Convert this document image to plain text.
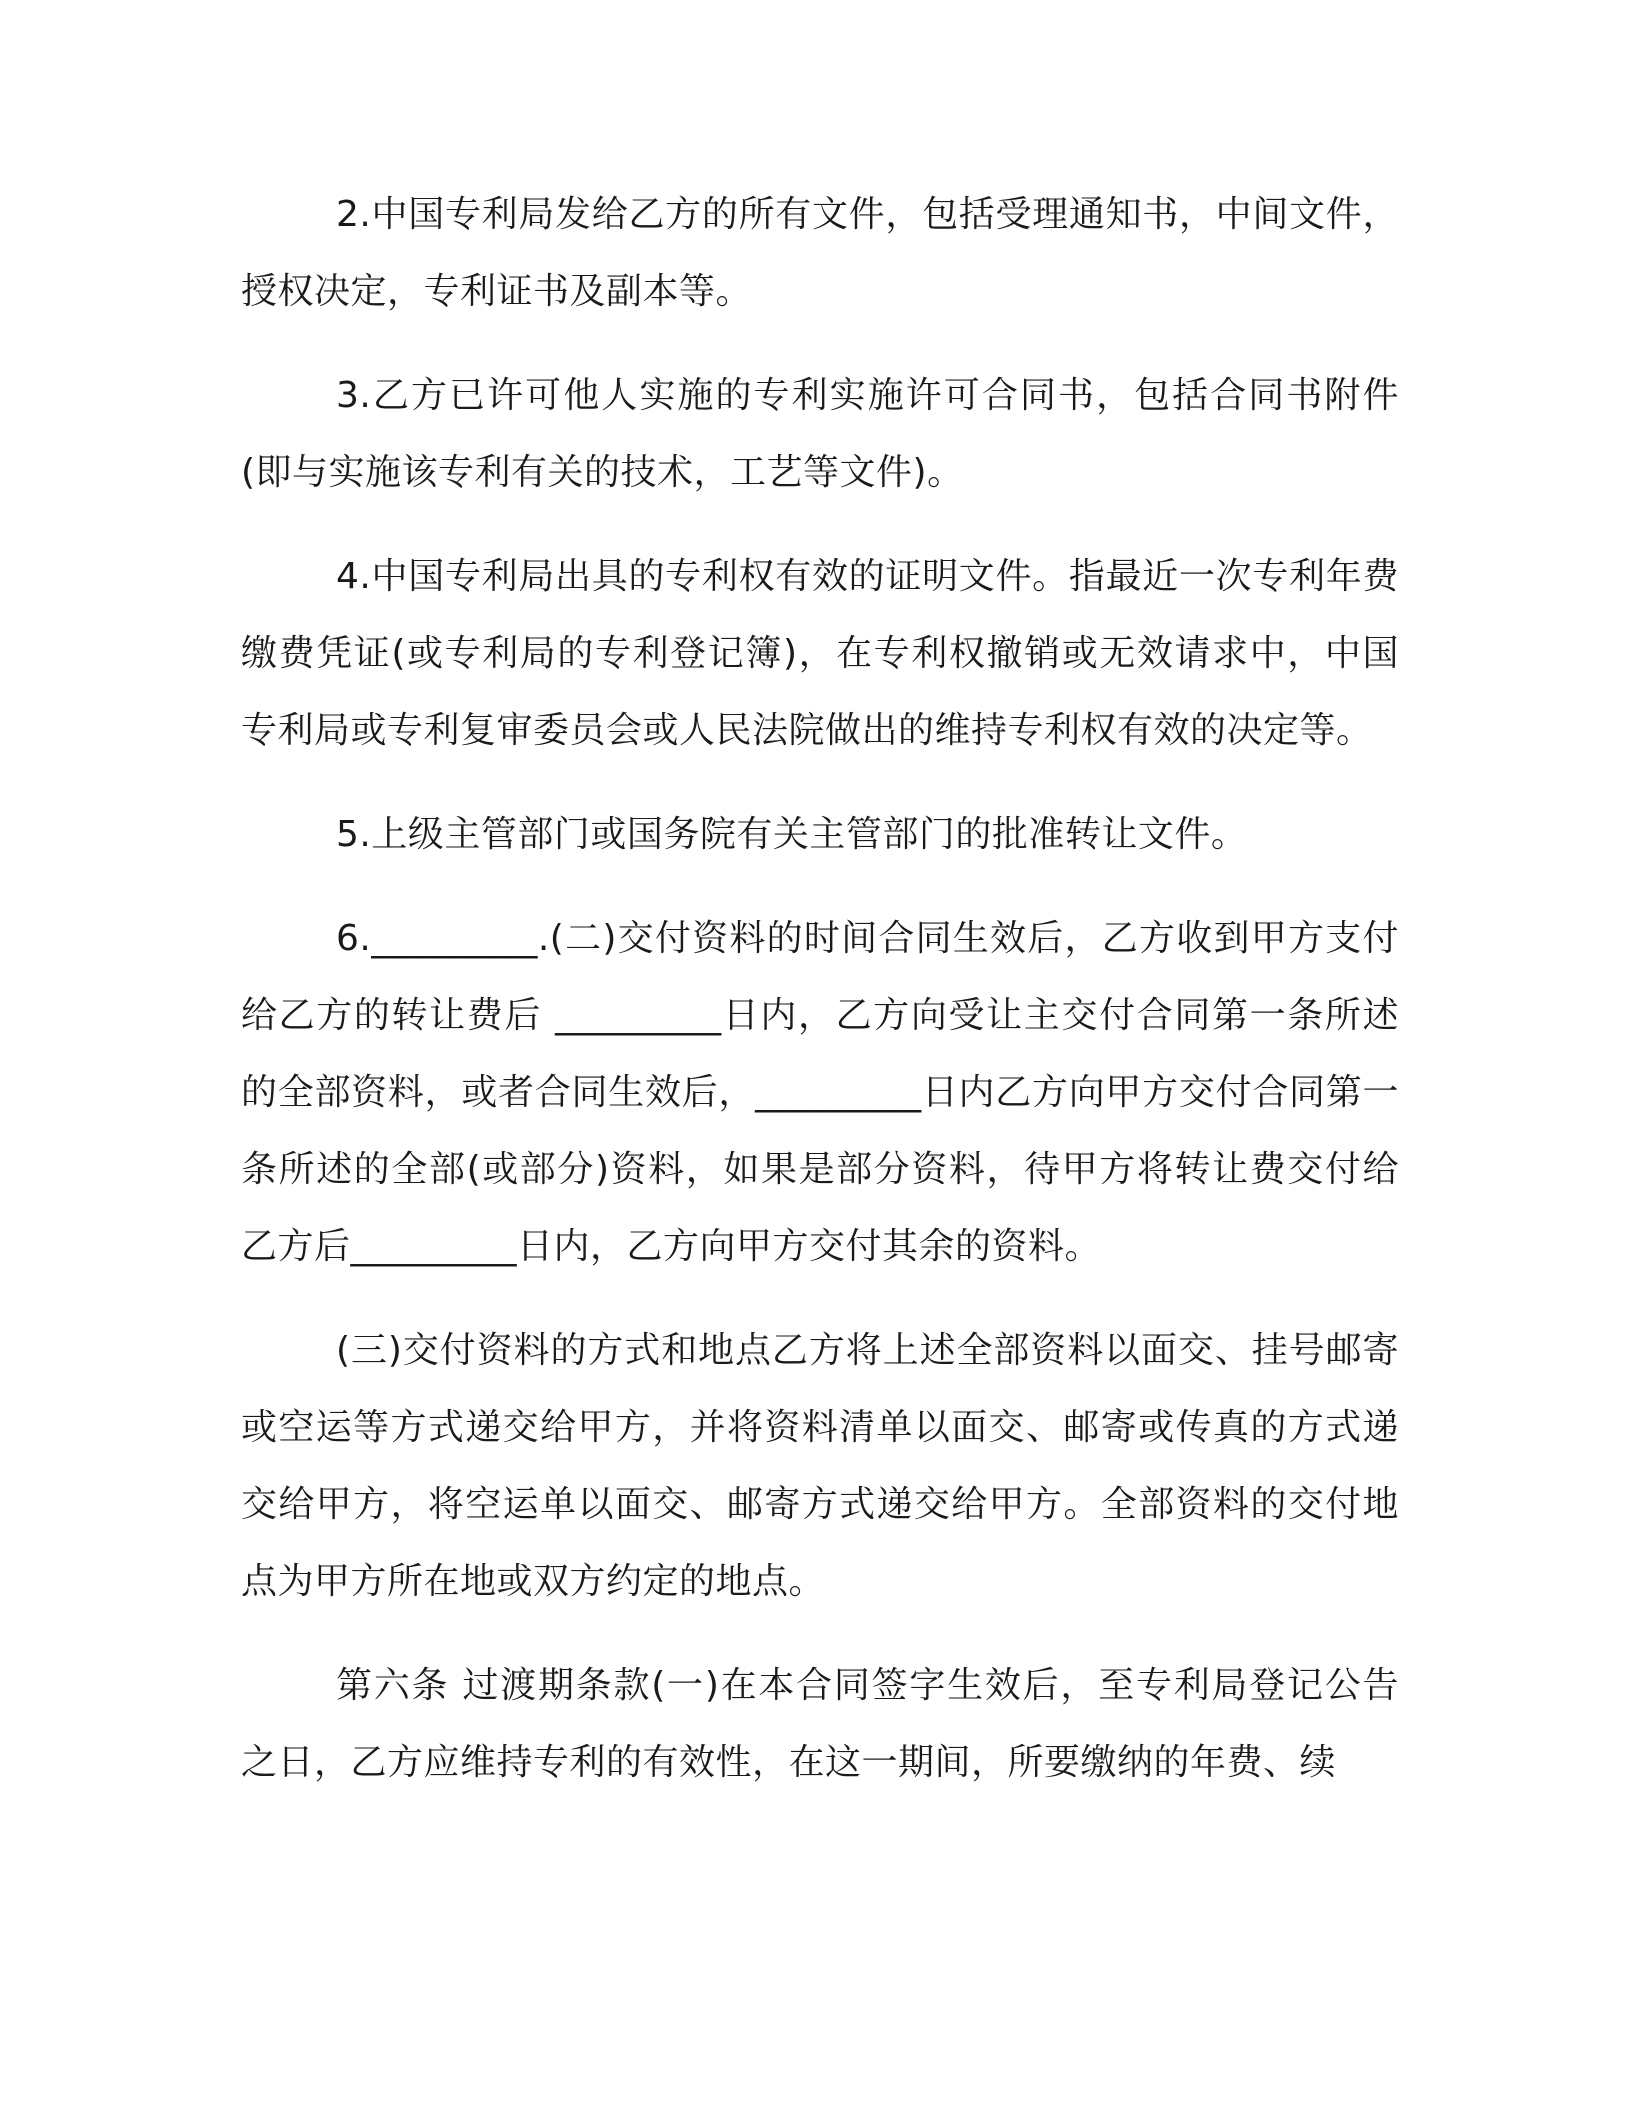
2.中国专利局发给乙方的所有文件，包括受理通知书，中间文件，授权决定，专利证书及副本等。

3.乙方已许可他人实施的专利实施许可合同书，包括合同书附件(即与实施该专利有关的技术，工艺等文件)。

4.中国专利局出具的专利权有效的证明文件。指最近一次专利年费缴费凭证(或专利局的专利登记簿)，在专利权撤销或无效请求中，中国专利局或专利复审委员会或人民法院做出的维持专利权有效的决定等。

5.上级主管部门或国务院有关主管部门的批准转让文件。

6._________.(二)交付资料的时间合同生效后，乙方收到甲方支付给乙方的转让费后 _________日内，乙方向受让主交付合同第一条所述的全部资料，或者合同生效后，_________日内乙方向甲方交付合同第一条所述的全部(或部分)资料，如果是部分资料，待甲方将转让费交付给乙方后_________日内，乙方向甲方交付其余的资料。

(三)交付资料的方式和地点乙方将上述全部资料以面交、挂号邮寄或空运等方式递交给甲方，并将资料清单以面交、邮寄或传真的方式递交给甲方，将空运单以面交、邮寄方式递交给甲方。全部资料的交付地点为甲方所在地或双方约定的地点。

第六条 过渡期条款(一)在本合同签字生效后，至专利局登记公告之日，乙方应维持专利的有效性，在这一期间，所要缴纳的年费、续
